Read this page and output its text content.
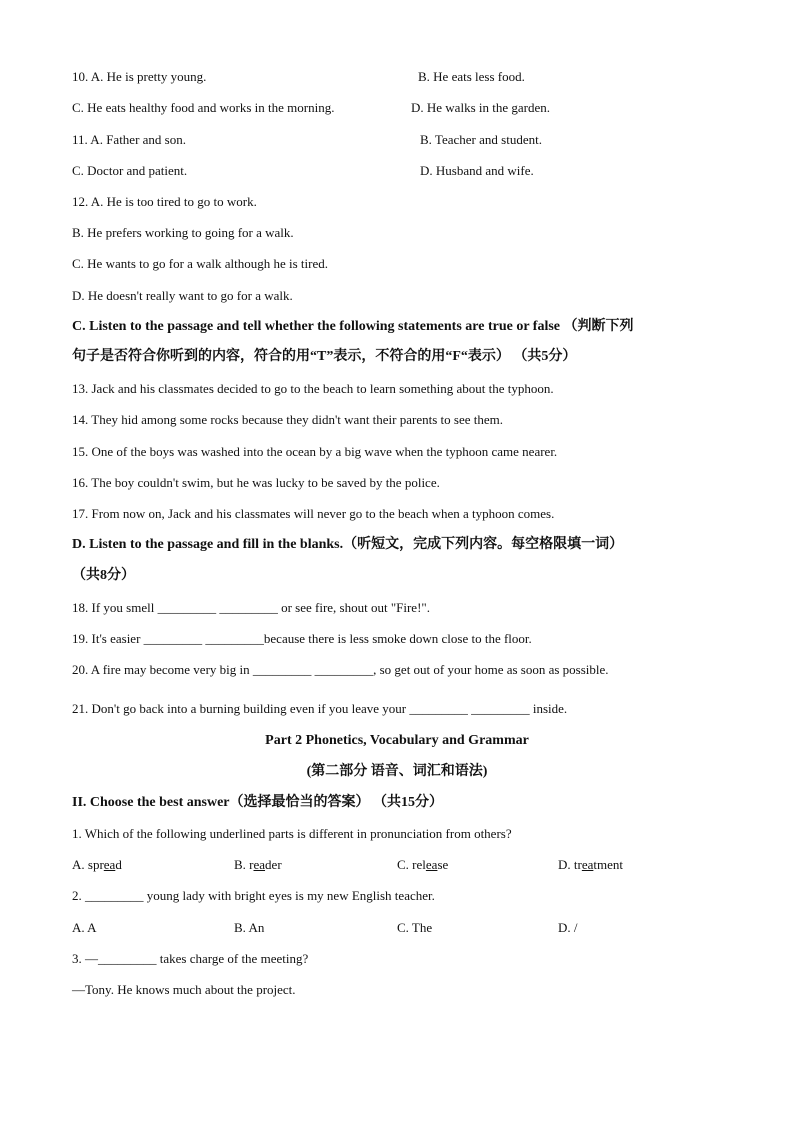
10. A. He is pretty young.	B. He eats less food.
C. He eats healthy food and works in the morning.	D. He walks in the garden.
11. A. Father and son.	B. Teacher and student.
C. Doctor and patient.	D. Husband and wife.
12. A. He is too tired to go to work.
B. He prefers working to going for a walk.
C. He wants to go for a walk although he is tired.
D. He doesn't really want to go for a walk.
C. Listen to the passage and tell whether the following statements are true or false （判断下列
句子是否符合你听到的内容，符合的用“T”表示，不符合的用“F“表示） （共5分）
13. Jack and his classmates decided to go to the beach to learn something about the typhoon.
14. They hid among some rocks because they didn't want their parents to see them.
15. One of the boys was washed into the ocean by a big wave when the typhoon came nearer.
16. The boy couldn't swim, but he was lucky to be saved by the police.
17. From now on, Jack and his classmates will never go to the beach when a typhoon comes.
D. Listen to the passage and fill in the blanks.（听短文，完成下列内容。每空格限填一词）
（共8分）
18. If you smell _________ _________ or see fire, shout out "Fire!".
19. It's easier _________ _________because there is less smoke down close to the floor.
20. A fire may become very big in _________ _________, so get out of your home as soon as possible.
21. Don't go back into a burning building even if you leave your _________ _________ inside.
Part 2 Phonetics, Vocabulary and Grammar
(第二部分 语音、词汇和语法)
II. Choose the best answer（选择最恰当的答案） （共15分）
1. Which of the following underlined parts is different in pronunciation from others?
A. spread	B. reader	C. release	D. treatment
2. _________ young lady with bright eyes is my new English teacher.
A. A	B. An	C. The	D. /
3. —_________ takes charge of the meeting?
—Tony. He knows much about the project.
